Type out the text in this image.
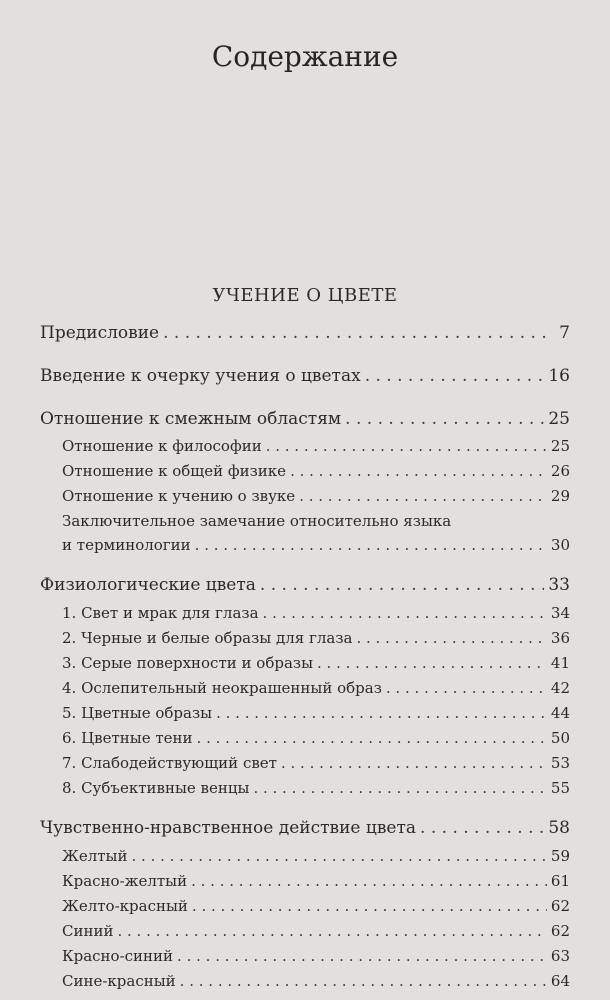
Содержание
УЧЕНИЕ О ЦВЕТЕ
Предисловие . . .	7
Введение к очерку учения о цветах . . .	16
Отношение к смежным областям . . .	25
Отношение к философии . . .	25
Отношение к общей физике . . .	26
Отношение к учению о звуке . . .	29
Заключительное замечание относительно языка
и терминологии . . .	30
Физиологические цвета . . .	33
1. Свет и мрак для глаза . . .	34
2. Черные и белые образы для глаза . . .	36
3. Серые поверхности и образы . . .	41
4. Ослепительный неокрашенный образ . . .	42
5. Цветные образы . . .	44
6. Цветные тени . . .	50
7. Слабодействующий свет . . .	53
8. Субъективные венцы . . .	55
Чувственно-нравственное действие цвета . . .	58
Желтый . . .	59
Красно-желтый . . .	61
Желто-красный . . .	62
Синий . . .	62
Красно-синий . . .	63
Сине-красный . . .	64
